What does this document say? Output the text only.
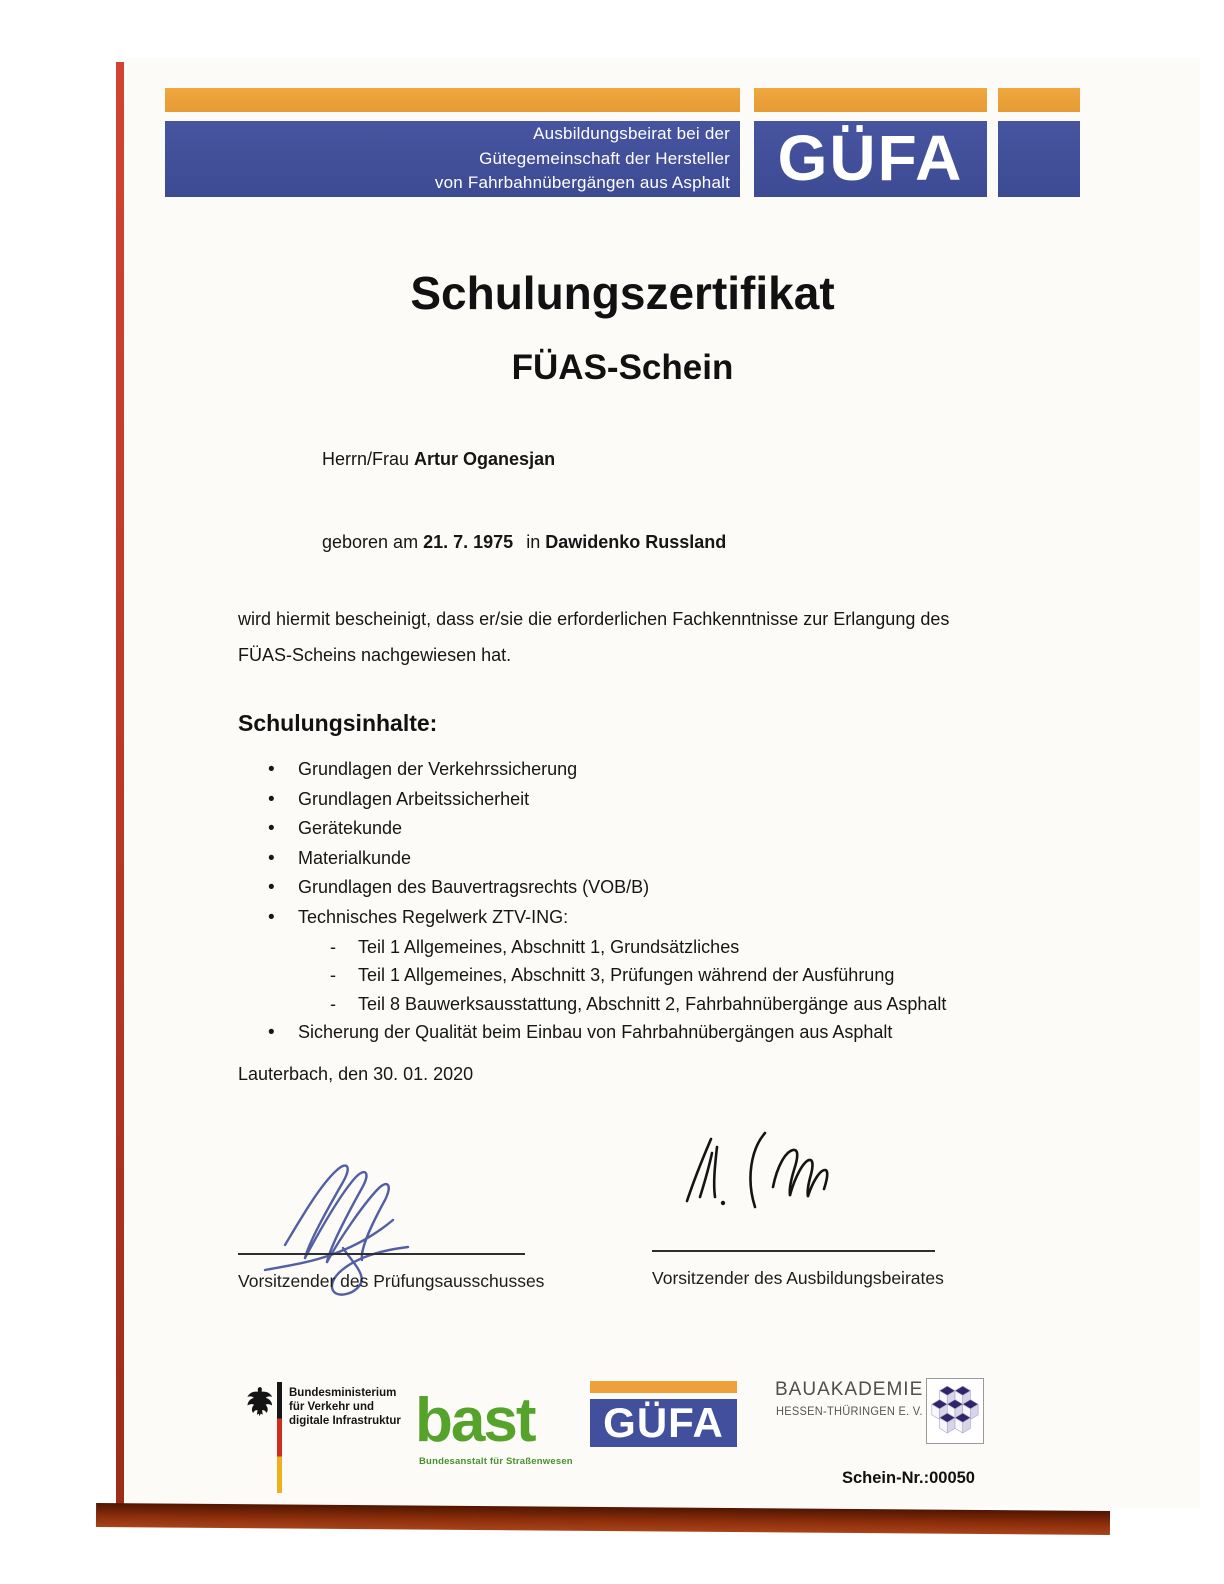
Ausbildungsbeirat bei der
Gütegemeinschaft der Hersteller
von Fahrbahnübergängen aus Asphalt GÜFA
Schulungszertifikat
FÜAS-Schein
Herrn/Frau Artur Oganesjan
geboren am 21. 7. 1975 in Dawidenko Russland
wird hiermit bescheinigt, dass er/sie die erforderlichen Fachkenntnisse zur Erlangung des
FÜAS-Scheins nachgewiesen hat.
Schulungsinhalte:
• Grundlagen der Verkehrssicherung
• Grundlagen Arbeitssicherheit
• Gerätekunde
• Materialkunde
• Grundlagen des Bauvertragsrechts (VOB/B)
• Technisches Regelwerk ZTV-ING:
- Teil 1 Allgemeines, Abschnitt 1, Grundsätzliches
- Teil 1 Allgemeines, Abschnitt 3, Prüfungen während der Ausführung
- Teil 8 Bauwerksausstattung, Abschnitt 2, Fahrbahnübergänge aus Asphalt
• Sicherung der Qualität beim Einbau von Fahrbahnübergängen aus Asphalt
Lauterbach, den 30. 01. 2020
Vorsitzender des Prüfungsausschusses	Vorsitzender des Ausbildungsbeirates
Bundesministerium
für Verkehr und
digitale Infrastruktur bast
Bundesanstalt für Straßenwesen
GÜFA
BAUAKADEMIE
HESSEN-THÜRINGEN E. V.
Schein-Nr.:00050
